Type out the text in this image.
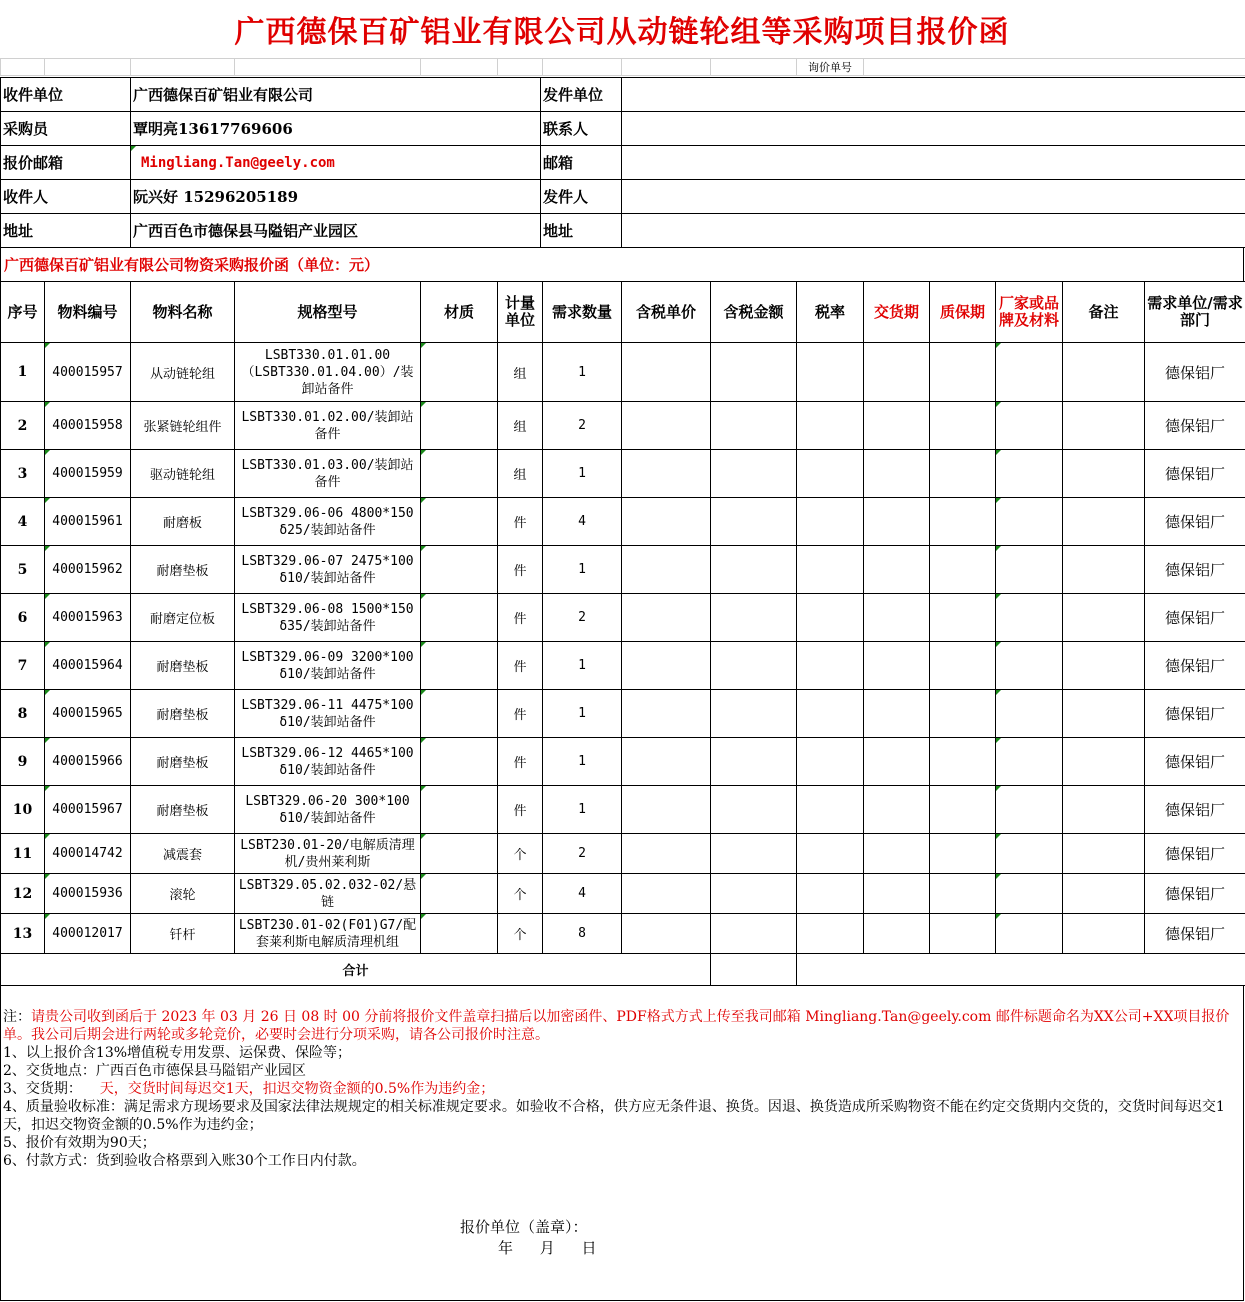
广西德保百矿铝业有限公司从动链轮组等采购项目报价函
									询价单号	
收件单位	广西德保百矿铝业有限公司	发件单位	
采购员	覃明亮13617769606	联系人	
报价邮箱	Mingliang.Tan@geely.com	邮箱	
收件人	阮兴好 15296205189	发件人	
地址	广西百色市德保县马隘铝产业园区	地址	
广西德保百矿铝业有限公司物资采购报价函（单位：元）
序号	物料编号	物料名称	规格型号	材质	计量单位	需求数量	含税单价	含税金额	税率	交货期	质保期	厂家或品牌及材料	备注	需求单位/需求部门
1	400015957	从动链轮组	LSBT330.01.01.00（LSBT330.01.04.00）/装卸站备件		组	1								德保铝厂
2	400015958	张紧链轮组件	LSBT330.01.02.00/装卸站备件		组	2								德保铝厂
3	400015959	驱动链轮组	LSBT330.01.03.00/装卸站备件		组	1								德保铝厂
4	400015961	耐磨板	LSBT329.06-06 4800*150 δ25/装卸站备件		件	4								德保铝厂
5	400015962	耐磨垫板	LSBT329.06-07 2475*100 δ10/装卸站备件		件	1								德保铝厂
6	400015963	耐磨定位板	LSBT329.06-08 1500*150 δ35/装卸站备件		件	2								德保铝厂
7	400015964	耐磨垫板	LSBT329.06-09 3200*100 δ10/装卸站备件		件	1								德保铝厂
8	400015965	耐磨垫板	LSBT329.06-11 4475*100 δ10/装卸站备件		件	1								德保铝厂
9	400015966	耐磨垫板	LSBT329.06-12 4465*100 δ10/装卸站备件		件	1								德保铝厂
10	400015967	耐磨垫板	LSBT329.06-20 300*100 δ10/装卸站备件		件	1								德保铝厂
11	400014742	减震套	LSBT230.01-20/电解质清理机/贵州莱利斯		个	2								德保铝厂
12	400015936	滚轮	LSBT329.05.02.032-02/悬链		个	4								德保铝厂
13	400012017	钎杆	LSBT230.01-02(F01)G7/配套莱利斯电解质清理机组		个	8								德保铝厂
合计														

注：请贵公司收到函后于 2023 年 03 月 26 日 08 时 00 分前将报价文件盖章扫描后以加密函件、PDF格式方式上传至我司邮箱 Mingliang.Tan@geely.com 邮件标题命名为XX公司+XX项目报价单。我公司后期会进行两轮或多轮竞价，必要时会进行分项采购，请各公司报价时注意。

1、以上报价含13%增值税专用发票、运保费、保险等；

2、交货地点：广西百色市德保县马隘铝产业园区

3、交货期：    天，交货时间每迟交1天，扣迟交物资金额的0.5%作为违约金；

4、质量验收标准：满足需求方现场要求及国家法律法规规定的相关标准规定要求。如验收不合格，供方应无条件退、换货。因退、换货造成所采购物资不能在约定交货期内交货的，交货时间每迟交1天，扣迟交物资金额的0.5%作为违约金；

5、报价有效期为90天；

6、付款方式：货到验收合格票到入账30个工作日内付款。

报价单位（盖章）：
年 月 日
